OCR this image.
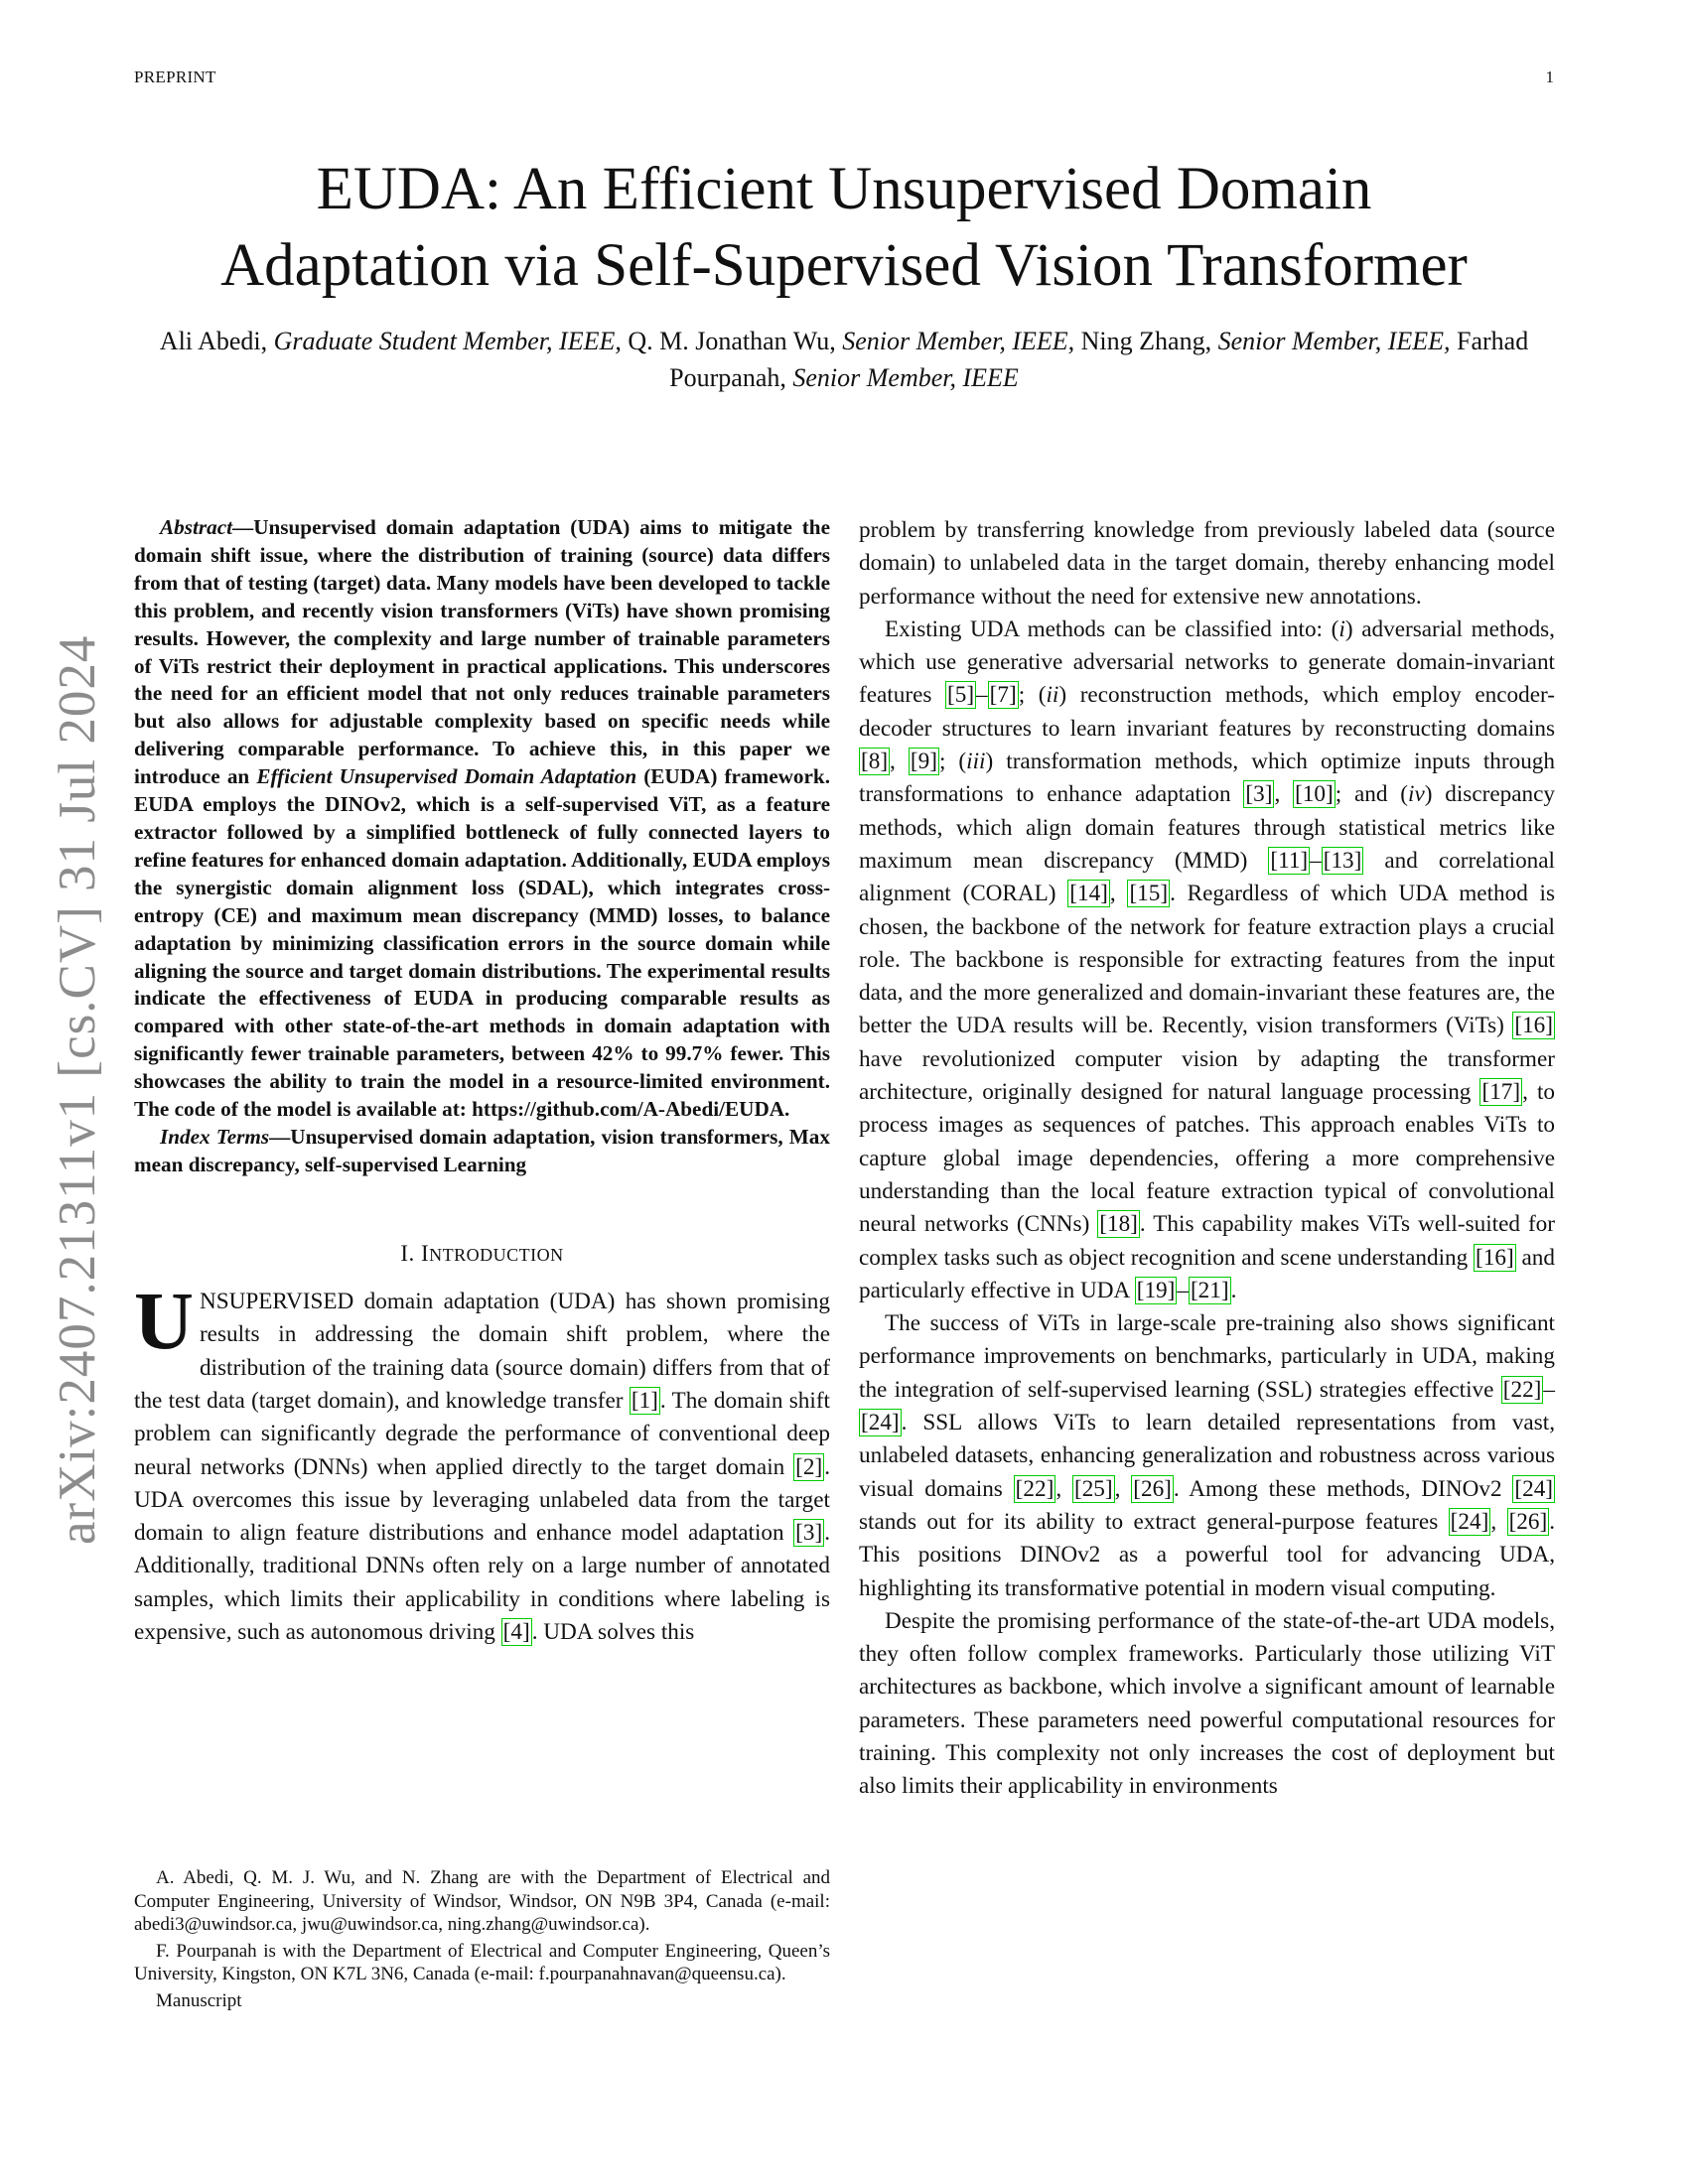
PREPRINT	1
EUDA: An Efficient Unsupervised Domain
Adaptation via Self-Supervised Vision Transformer
Ali Abedi, Graduate Student Member, IEEE, Q. M. Jonathan Wu, Senior Member, IEEE, Ning Zhang, Senior Member, IEEE, Farhad Pourpanah, Senior Member, IEEE
arXiv:2407.21311v1 [cs.CV] 31 Jul 2024

Abstract—Unsupervised domain adaptation (UDA) aims to mitigate the domain shift issue, where the distribution of training (source) data differs from that of testing (target) data. Many models have been developed to tackle this problem, and recently vision transformers (ViTs) have shown promising results. However, the complexity and large number of trainable parameters of ViTs restrict their deployment in practical applications. This underscores the need for an efficient model that not only reduces trainable parameters but also allows for adjustable complexity based on specific needs while delivering comparable performance. To achieve this, in this paper we introduce an Efficient Unsupervised Domain Adaptation (EUDA) framework. EUDA employs the DINOv2, which is a self-supervised ViT, as a feature extractor followed by a simplified bottleneck of fully connected layers to refine features for enhanced domain adaptation. Additionally, EUDA employs the synergistic domain alignment loss (SDAL), which integrates cross-entropy (CE) and maximum mean discrepancy (MMD) losses, to balance adaptation by minimizing classification errors in the source domain while aligning the source and target domain distributions. The experimental results indicate the effectiveness of EUDA in producing comparable results as compared with other state-of-the-art methods in domain adaptation with significantly fewer trainable parameters, between 42% to 99.7% fewer. This showcases the ability to train the model in a resource-limited environment. The code of the model is available at: https://github.com/A-Abedi/EUDA.

Index Terms—Unsupervised domain adaptation, vision transformers, Max mean discrepancy, self-supervised Learning

I. INTRODUCTION

UNSUPERVISED domain adaptation (UDA) has shown promising results in addressing the domain shift problem, where the distribution of the training data (source domain) differs from that of the test data (target domain), and knowledge transfer [1]. The domain shift problem can significantly degrade the performance of conventional deep neural networks (DNNs) when applied directly to the target domain [2]. UDA overcomes this issue by leveraging unlabeled data from the target domain to align feature distributions and enhance model adaptation [3]. Additionally, traditional DNNs often rely on a large number of annotated samples, which limits their applicability in conditions where labeling is expensive, such as autonomous driving [4]. UDA solves this

A. Abedi, Q. M. J. Wu, and N. Zhang are with the Department of Electrical and Computer Engineering, University of Windsor, Windsor, ON N9B 3P4, Canada (e-mail: abedi3@uwindsor.ca, jwu@uwindsor.ca, ning.zhang@uwindsor.ca).

F. Pourpanah is with the Department of Electrical and Computer Engineering, Queen’s University, Kingston, ON K7L 3N6, Canada (e-mail: f.pourpanahnavan@queensu.ca).

Manuscript

problem by transferring knowledge from previously labeled data (source domain) to unlabeled data in the target domain, thereby enhancing model performance without the need for extensive new annotations.

Existing UDA methods can be classified into: (i) adversarial methods, which use generative adversarial networks to generate domain-invariant features [5]–[7]; (ii) reconstruction methods, which employ encoder-decoder structures to learn invariant features by reconstructing domains [8], [9]; (iii) transformation methods, which optimize inputs through transformations to enhance adaptation [3], [10]; and (iv) discrepancy methods, which align domain features through statistical metrics like maximum mean discrepancy (MMD) [11]–[13] and correlational alignment (CORAL) [14], [15]. Regardless of which UDA method is chosen, the backbone of the network for feature extraction plays a crucial role. The backbone is responsible for extracting features from the input data, and the more generalized and domain-invariant these features are, the better the UDA results will be. Recently, vision transformers (ViTs) [16] have revolutionized computer vision by adapting the transformer architecture, originally designed for natural language processing [17], to process images as sequences of patches. This approach enables ViTs to capture global image dependencies, offering a more comprehensive understanding than the local feature extraction typical of convolutional neural networks (CNNs) [18]. This capability makes ViTs well-suited for complex tasks such as object recognition and scene understanding [16] and particularly effective in UDA [19]–[21].

The success of ViTs in large-scale pre-training also shows significant performance improvements on benchmarks, particularly in UDA, making the integration of self-supervised learning (SSL) strategies effective [22]–[24]. SSL allows ViTs to learn detailed representations from vast, unlabeled datasets, enhancing generalization and robustness across various visual domains [22], [25], [26]. Among these methods, DINOv2 [24] stands out for its ability to extract general-purpose features [24], [26]. This positions DINOv2 as a powerful tool for advancing UDA, highlighting its transformative potential in modern visual computing.

Despite the promising performance of the state-of-the-art UDA models, they often follow complex frameworks. Particularly those utilizing ViT architectures as backbone, which involve a significant amount of learnable parameters. These parameters need powerful computational resources for training. This complexity not only increases the cost of deployment but also limits their applicability in environments
